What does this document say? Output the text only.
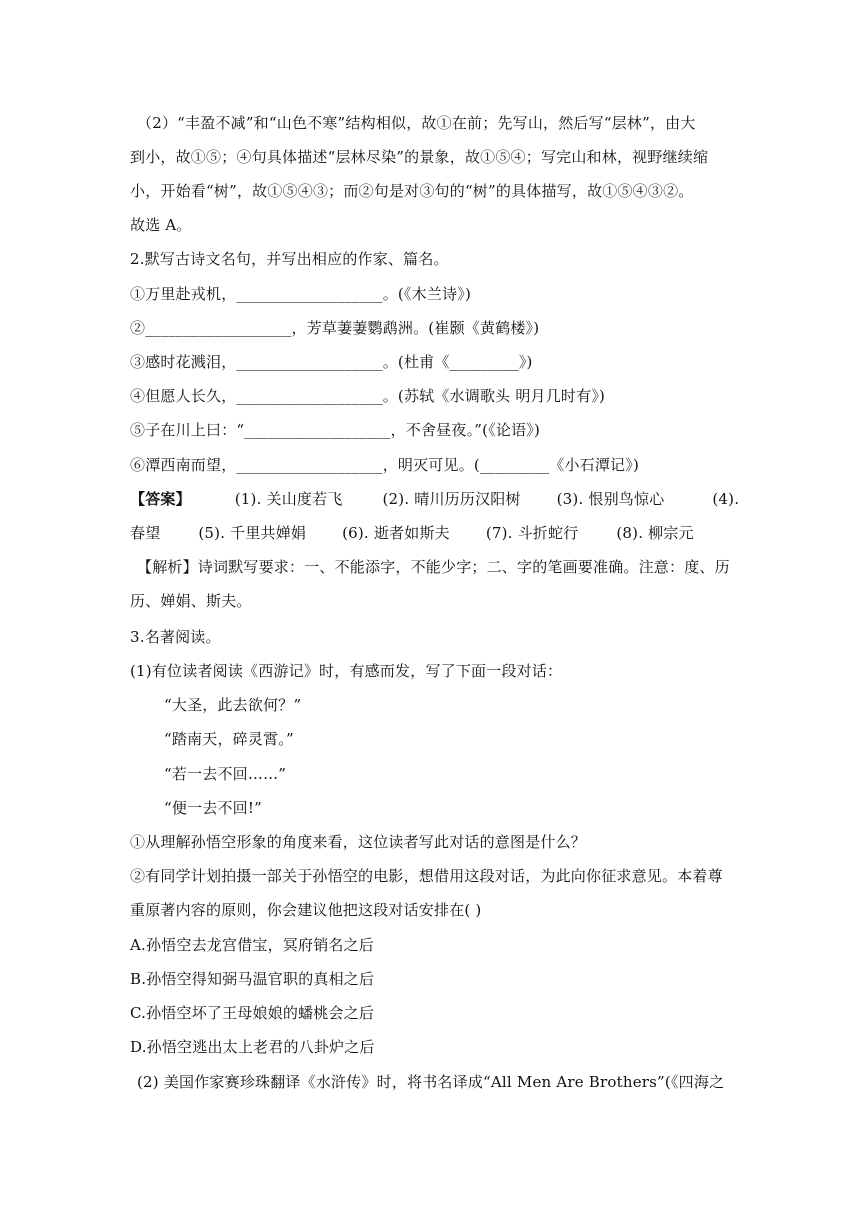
（2）“丰盈不减”和“山色不寒”结构相似，故①在前；先写山，然后写“层林”，由大
到小，故①⑤；④句具体描述“层林尽染”的景象，故①⑤④；写完山和林，视野继续缩
小，开始看“树”，故①⑤④③；而②句是对③句的“树”的具体描写，故①⑤④③②。
故选 A。
2.默写古诗文名句，并写出相应的作家、篇名。
①万里赴戎机，___________________。(《木兰诗》)
②___________________，芳草萋萋鹦鹉洲。(崔颢《黄鹤楼》)
③感时花溅泪，___________________。(杜甫《_________》)
④但愿人长久，___________________。(苏轼《水调歌头 明月几时有》)
⑤子在川上曰：“___________________，不舍昼夜。”(《论语》)
⑥潭西南而望，___________________，明灭可见。(_________《小石潭记》)
【答案】	(1). 关山度若飞	(2). 晴川历历汉阳树 (3). 恨别鸟惊心	(4).
春望	(5). 千里共婵娟 (6). 逝者如斯夫 (7). 斗折蛇行	(8). 柳宗元
【解析】诗词默写要求：一、不能添字，不能少字；二、字的笔画要准确。注意：度、历
历、婵娟、斯夫。
3.名著阅读。
(1)有位读者阅读《西游记》时，有感而发，写了下面一段对话：
“大圣，此去欲何？”
“踏南天，碎灵霄。”
“若一去不回……”
“便一去不回!”
①从理解孙悟空形象的角度来看，这位读者写此对话的意图是什么？
②有同学计划拍摄一部关于孙悟空的电影，想借用这段对话，为此向你征求意见。本着尊
重原著内容的原则，你会建议他把这段对话安排在( )
A.孙悟空去龙宫借宝，冥府销名之后
B.孙悟空得知弼马温官职的真相之后
C.孙悟空坏了王母娘娘的蟠桃会之后
D.孙悟空逃出太上老君的八卦炉之后
(2) 美国作家赛珍珠翻译《水浒传》时，将书名译成“All Men Are Brothers”(《四海之
